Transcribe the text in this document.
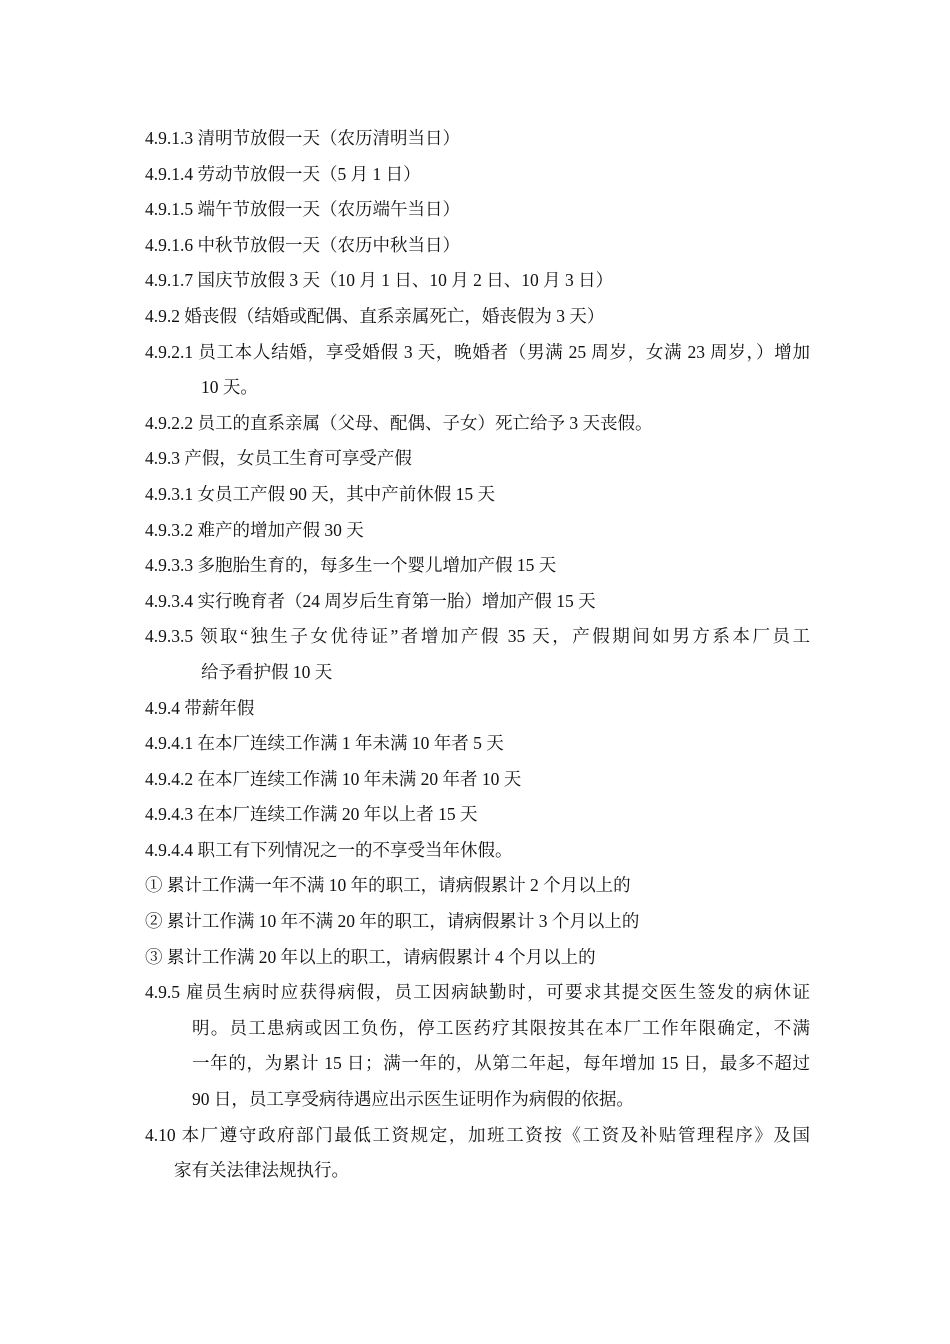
4.9.1.3 清明节放假一天（农历清明当日）
4.9.1.4 劳动节放假一天（5 月 1 日）
4.9.1.5 端午节放假一天（农历端午当日）
4.9.1.6 中秋节放假一天（农历中秋当日）
4.9.1.7 国庆节放假 3 天（10 月 1 日、10 月 2 日、10 月 3 日）
4.9.2 婚丧假（结婚或配偶、直系亲属死亡，婚丧假为 3 天）
4.9.2.1 员工本人结婚，享受婚假 3 天，晚婚者（男满 25 周岁，女满 23 周岁，）增加
10 天。
4.9.2.2 员工的直系亲属（父母、配偶、子女）死亡给予 3 天丧假。
4.9.3 产假，女员工生育可享受产假
4.9.3.1 女员工产假 90 天，其中产前休假 15 天
4.9.3.2 难产的增加产假 30 天
4.9.3.3 多胞胎生育的，每多生一个婴儿增加产假 15 天
4.9.3.4 实行晚育者（24 周岁后生育第一胎）增加产假 15 天
4.9.3.5 领取“独生子女优待证”者增加产假 35 天，产假期间如男方系本厂员工
给予看护假 10 天
4.9.4 带薪年假
4.9.4.1 在本厂连续工作满 1 年未满 10 年者 5 天
4.9.4.2 在本厂连续工作满 10 年未满 20 年者 10 天
4.9.4.3 在本厂连续工作满 20 年以上者 15 天
4.9.4.4 职工有下列情况之一的不享受当年休假。
① 累计工作满一年不满 10 年的职工，请病假累计 2 个月以上的
② 累计工作满 10 年不满 20 年的职工，请病假累计 3 个月以上的
③ 累计工作满 20 年以上的职工，请病假累计 4 个月以上的
4.9.5 雇员生病时应获得病假，员工因病缺勤时，可要求其提交医生签发的病休证
明。员工患病或因工负伤，停工医药疗其限按其在本厂工作年限确定，不满
一年的，为累计 15 日；满一年的，从第二年起，每年增加 15 日，最多不超过
90 日，员工享受病待遇应出示医生证明作为病假的依据。
4.10 本厂遵守政府部门最低工资规定，加班工资按《工资及补贴管理程序》及国
家有关法律法规执行。
